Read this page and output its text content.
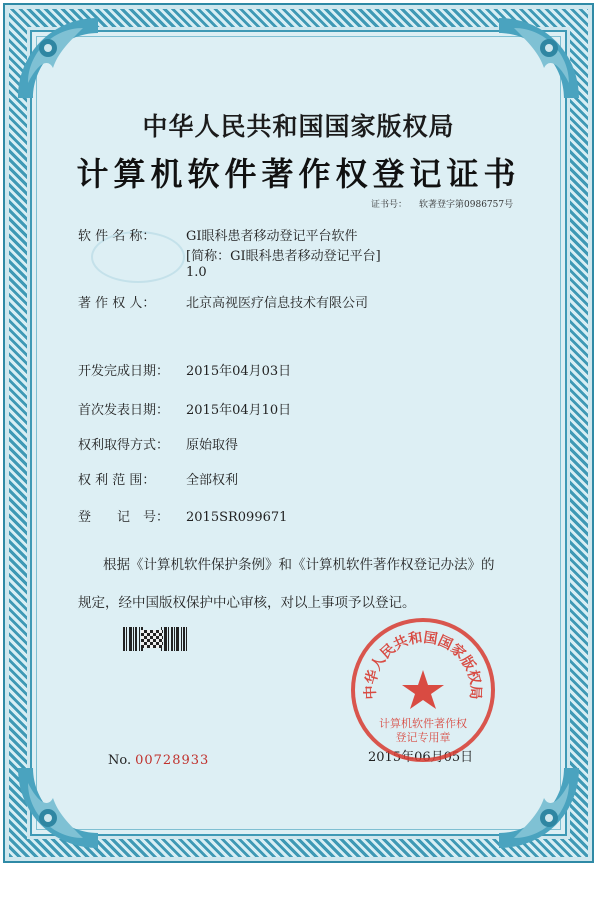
中华人民共和国国家版权局
计算机软件著作权登记证书
证书号： 软著登字第0986757号
软 件 名 称： GI眼科患者移动登记平台软件
[简称：GI眼科患者移动登记平台]
1.0
著 作 权 人： 北京高视医疗信息技术有限公司
开发完成日期： 2015年04月03日
首次发表日期： 2015年04月10日
权利取得方式： 原始取得
权 利 范 围： 全部权利
登　　记　号： 2015SR099671
根据《计算机软件保护条例》和《计算机软件著作权登记办法》的
规定，经中国版权保护中心审核，对以上事项予以登记。
No. 00728933	2015年06月05日
中华人民共和国国家版权局
计算机软件著作权
登记专用章
